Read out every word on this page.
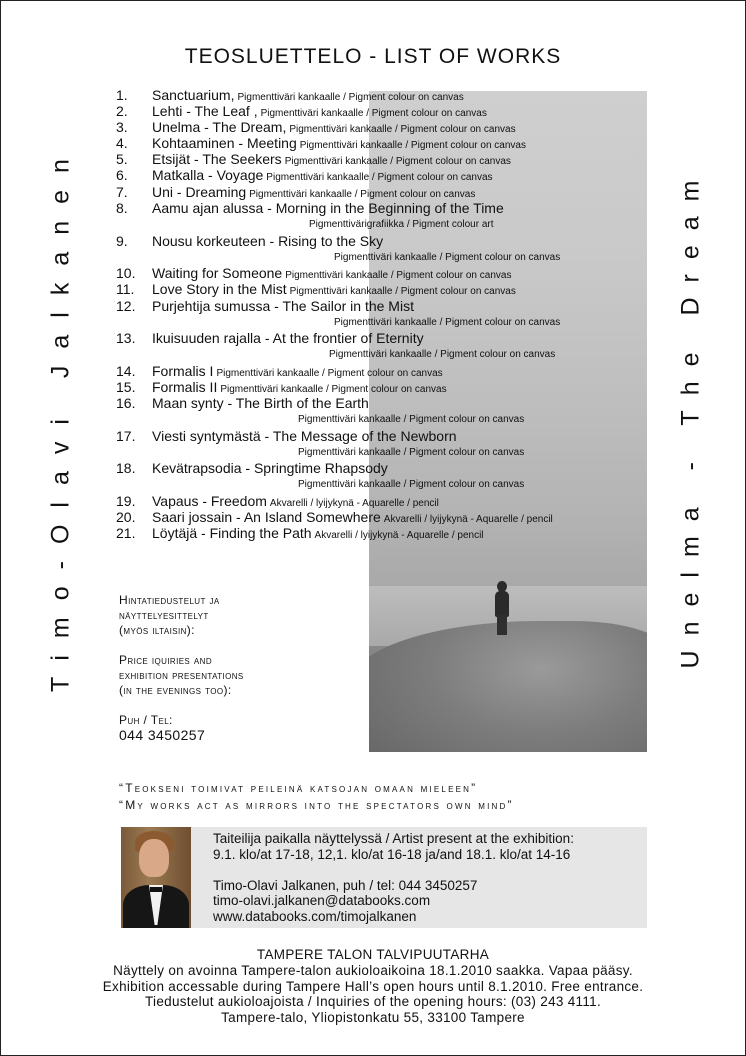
TEOSLUETTELO - LIST OF WORKS
Timo-Olavi Jalkanen	Unelma - The Dream
1.	Sanctuarium, Pigmenttiväri kankaalle / Pigment colour on canvas
2.	Lehti - The Leaf , Pigmenttiväri kankaalle / Pigment colour on canvas
3.	Unelma - The Dream, Pigmenttiväri kankaalle / Pigment colour on canvas
4.	Kohtaaminen - Meeting Pigmenttiväri kankaalle / Pigment colour on canvas
5.	Etsijät - The Seekers Pigmenttiväri kankaalle / Pigment colour on canvas
6.	Matkalla - Voyage Pigmenttiväri kankaalle / Pigment colour on canvas
7.	Uni - Dreaming Pigmenttiväri kankaalle / Pigment colour on canvas
8.	Aamu ajan alussa - Morning in the Beginning of the Time
Pigmenttivärigrafiikka / Pigment colour art
9.	Nousu korkeuteen - Rising to the Sky
Pigmenttiväri kankaalle / Pigment colour on canvas
10.	Waiting for Someone Pigmenttiväri kankaalle / Pigment colour on canvas
11.	Love Story in the Mist Pigmenttiväri kankaalle / Pigment colour on canvas
12.	Purjehtija sumussa - The Sailor in the Mist
Pigmenttiväri kankaalle / Pigment colour on canvas
13.	Ikuisuuden rajalla - At the frontier of Eternity
Pigmenttiväri kankaalle / Pigment colour on canvas
14.	Formalis I Pigmenttiväri kankaalle / Pigment colour on canvas
15.	Formalis II Pigmenttiväri kankaalle / Pigment colour on canvas
16.	Maan synty - The Birth of the Earth
Pigmenttiväri kankaalle / Pigment colour on canvas
17.	Viesti syntymästä - The Message of the Newborn
Pigmenttiväri kankaalle / Pigment colour on canvas
18.	Kevätrapsodia - Springtime Rhapsody
Pigmenttiväri kankaalle / Pigment colour on canvas
19.	Vapaus - Freedom Akvarelli / lyijykynä - Aquarelle / pencil
20.	Saari jossain - An Island Somewhere Akvarelli / lyijykynä - Aquarelle / pencil
21.	Löytäjä - Finding the Path Akvarelli / lyijykynä - Aquarelle / pencil

Hintatiedustelut ja
näyttelyesittelyt
(myös iltaisin):

Price iquiries and
exhibition presentations
(in the evenings too):

Puh / Tel:
044 3450257

“Teokseni toimivat peileinä katsojan omaan mieleen”
“My works act as mirrors into the spectators own mind”
Taiteilija paikalla näyttelyssä / Artist present at the exhibition:
9.1. klo/at 17-18, 12,1. klo/at 16-18 ja/and 18.1. klo/at 14-16
Timo-Olavi Jalkanen, puh / tel: 044 3450257
timo-olavi.jalkanen@databooks.com
www.databooks.com/timojalkanen
TAMPERE TALON TALVIPUUTARHA
Näyttely on avoinna Tampere-talon aukioloaikoina 18.1.2010 saakka. Vapaa pääsy.
Exhibition accessable during Tampere Hall’s open hours until 8.1.2010. Free entrance.
Tiedustelut aukioloajoista / Inquiries of the opening hours: (03) 243 4111.
Tampere-talo, Yliopistonkatu 55, 33100 Tampere
